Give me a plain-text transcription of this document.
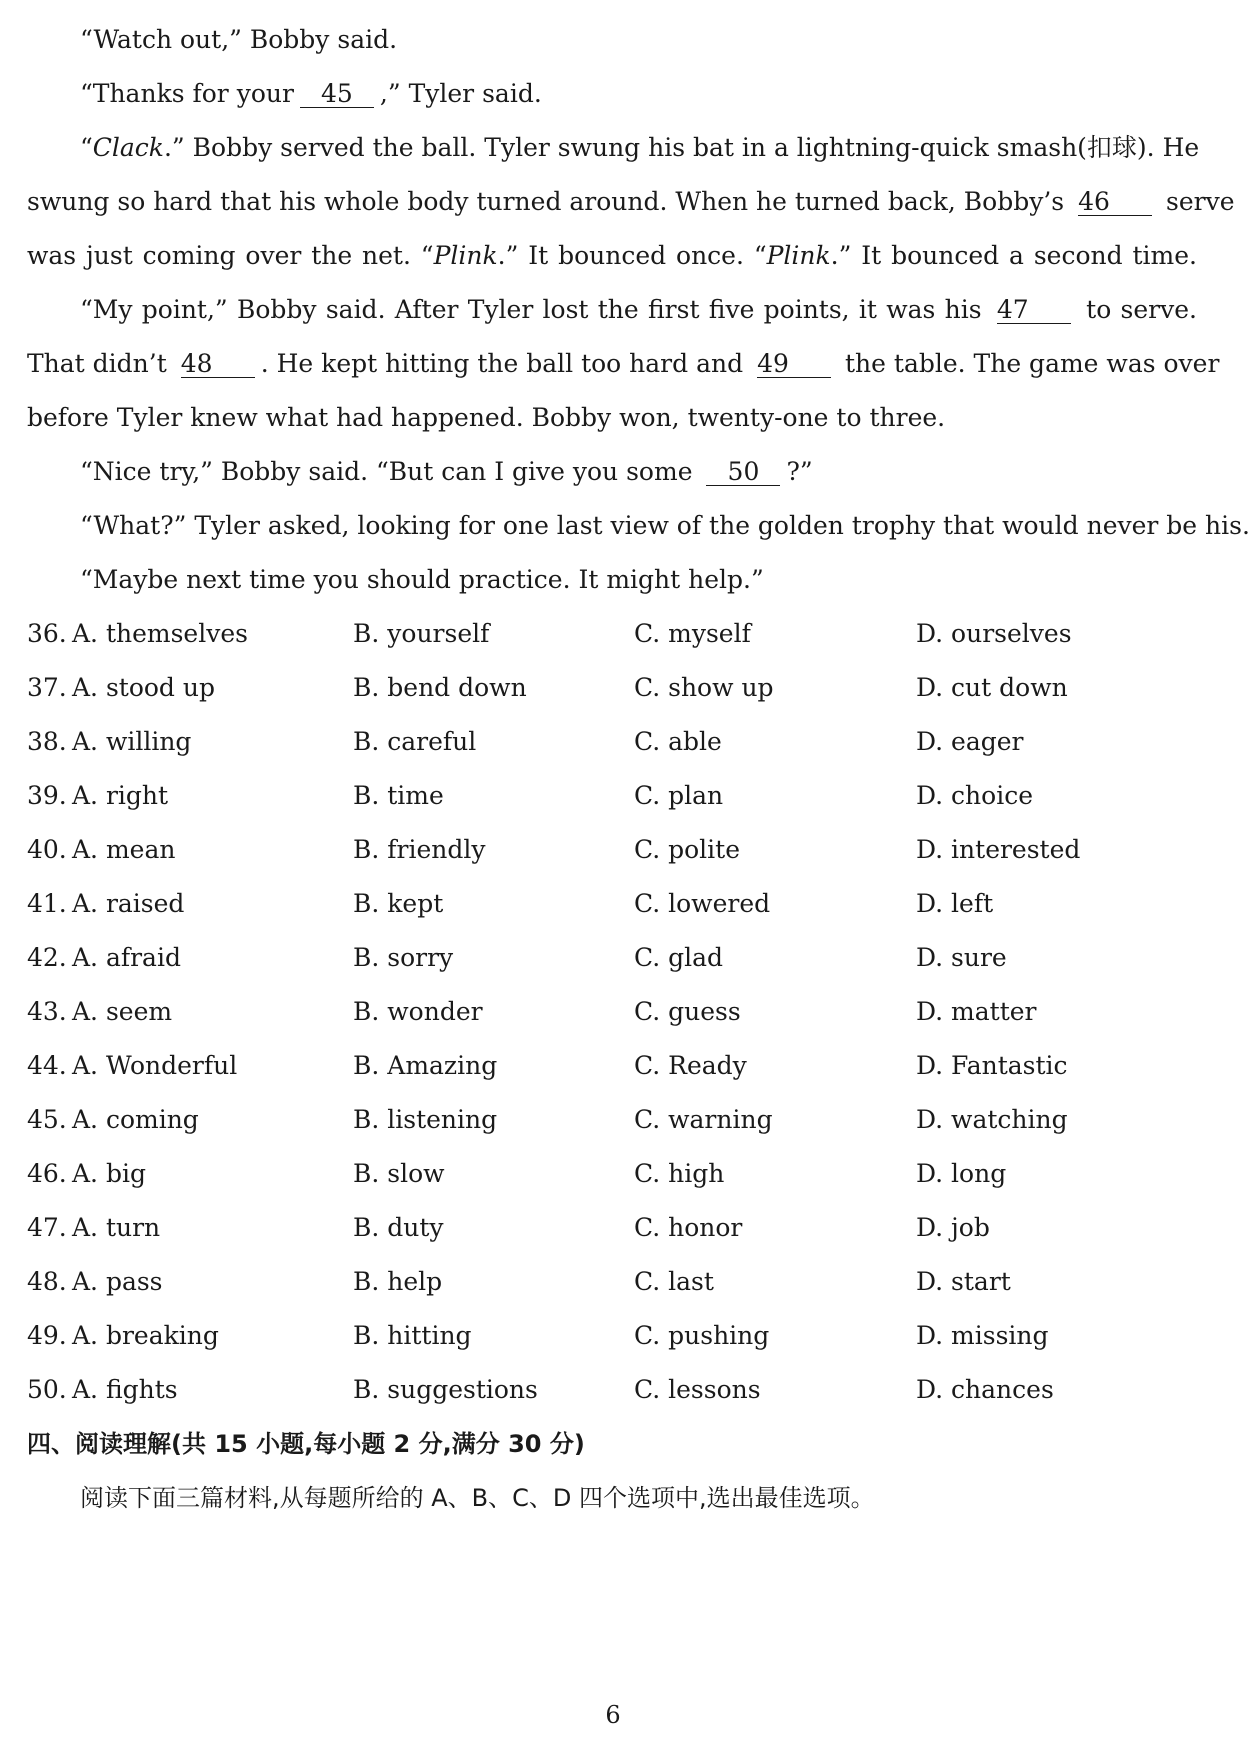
“Watch out,” Bobby said.
“Thanks for your 45 ,” Tyler said.
“Clack.” Bobby served the ball. Tyler swung his bat in a lightning-quick smash(扣球). He
swung so hard that his whole body turned around. When he turned back, Bobby’s 46 serve
was just coming over the net. “Plink.” It bounced once. “Plink.” It bounced a second time.
“My point,” Bobby said. After Tyler lost the first five points, it was his 47 to serve.
That didn’t 48 . He kept hitting the ball too hard and 49 the table. The game was over
before Tyler knew what had happened. Bobby won, twenty-one to three.
“Nice try,” Bobby said. “But can I give you some 50 ?”
“What?” Tyler asked, looking for one last view of the golden trophy that would never be his.
“Maybe next time you should practice. It might help.”
36. A. themselves	B. yourself	C. myself	D. ourselves
37. A. stood up	B. bend down	C. show up	D. cut down
38. A. willing	B. careful	C. able	D. eager
39. A. right	B. time	C. plan	D. choice
40. A. mean	B. friendly	C. polite	D. interested
41. A. raised	B. kept	C. lowered	D. left
42. A. afraid	B. sorry	C. glad	D. sure
43. A. seem	B. wonder	C. guess	D. matter
44. A. Wonderful	B. Amazing	C. Ready	D. Fantastic
45. A. coming	B. listening	C. warning	D. watching
46. A. big	B. slow	C. high	D. long
47. A. turn	B. duty	C. honor	D. job
48. A. pass	B. help	C. last	D. start
49. A. breaking	B. hitting	C. pushing	D. missing
50. A. fights	B. suggestions	C. lessons	D. chances
四、阅读理解(共 15 小题,每小题 2 分,满分 30 分)
阅读下面三篇材料,从每题所给的 A、B、C、D 四个选项中,选出最佳选项。
6
